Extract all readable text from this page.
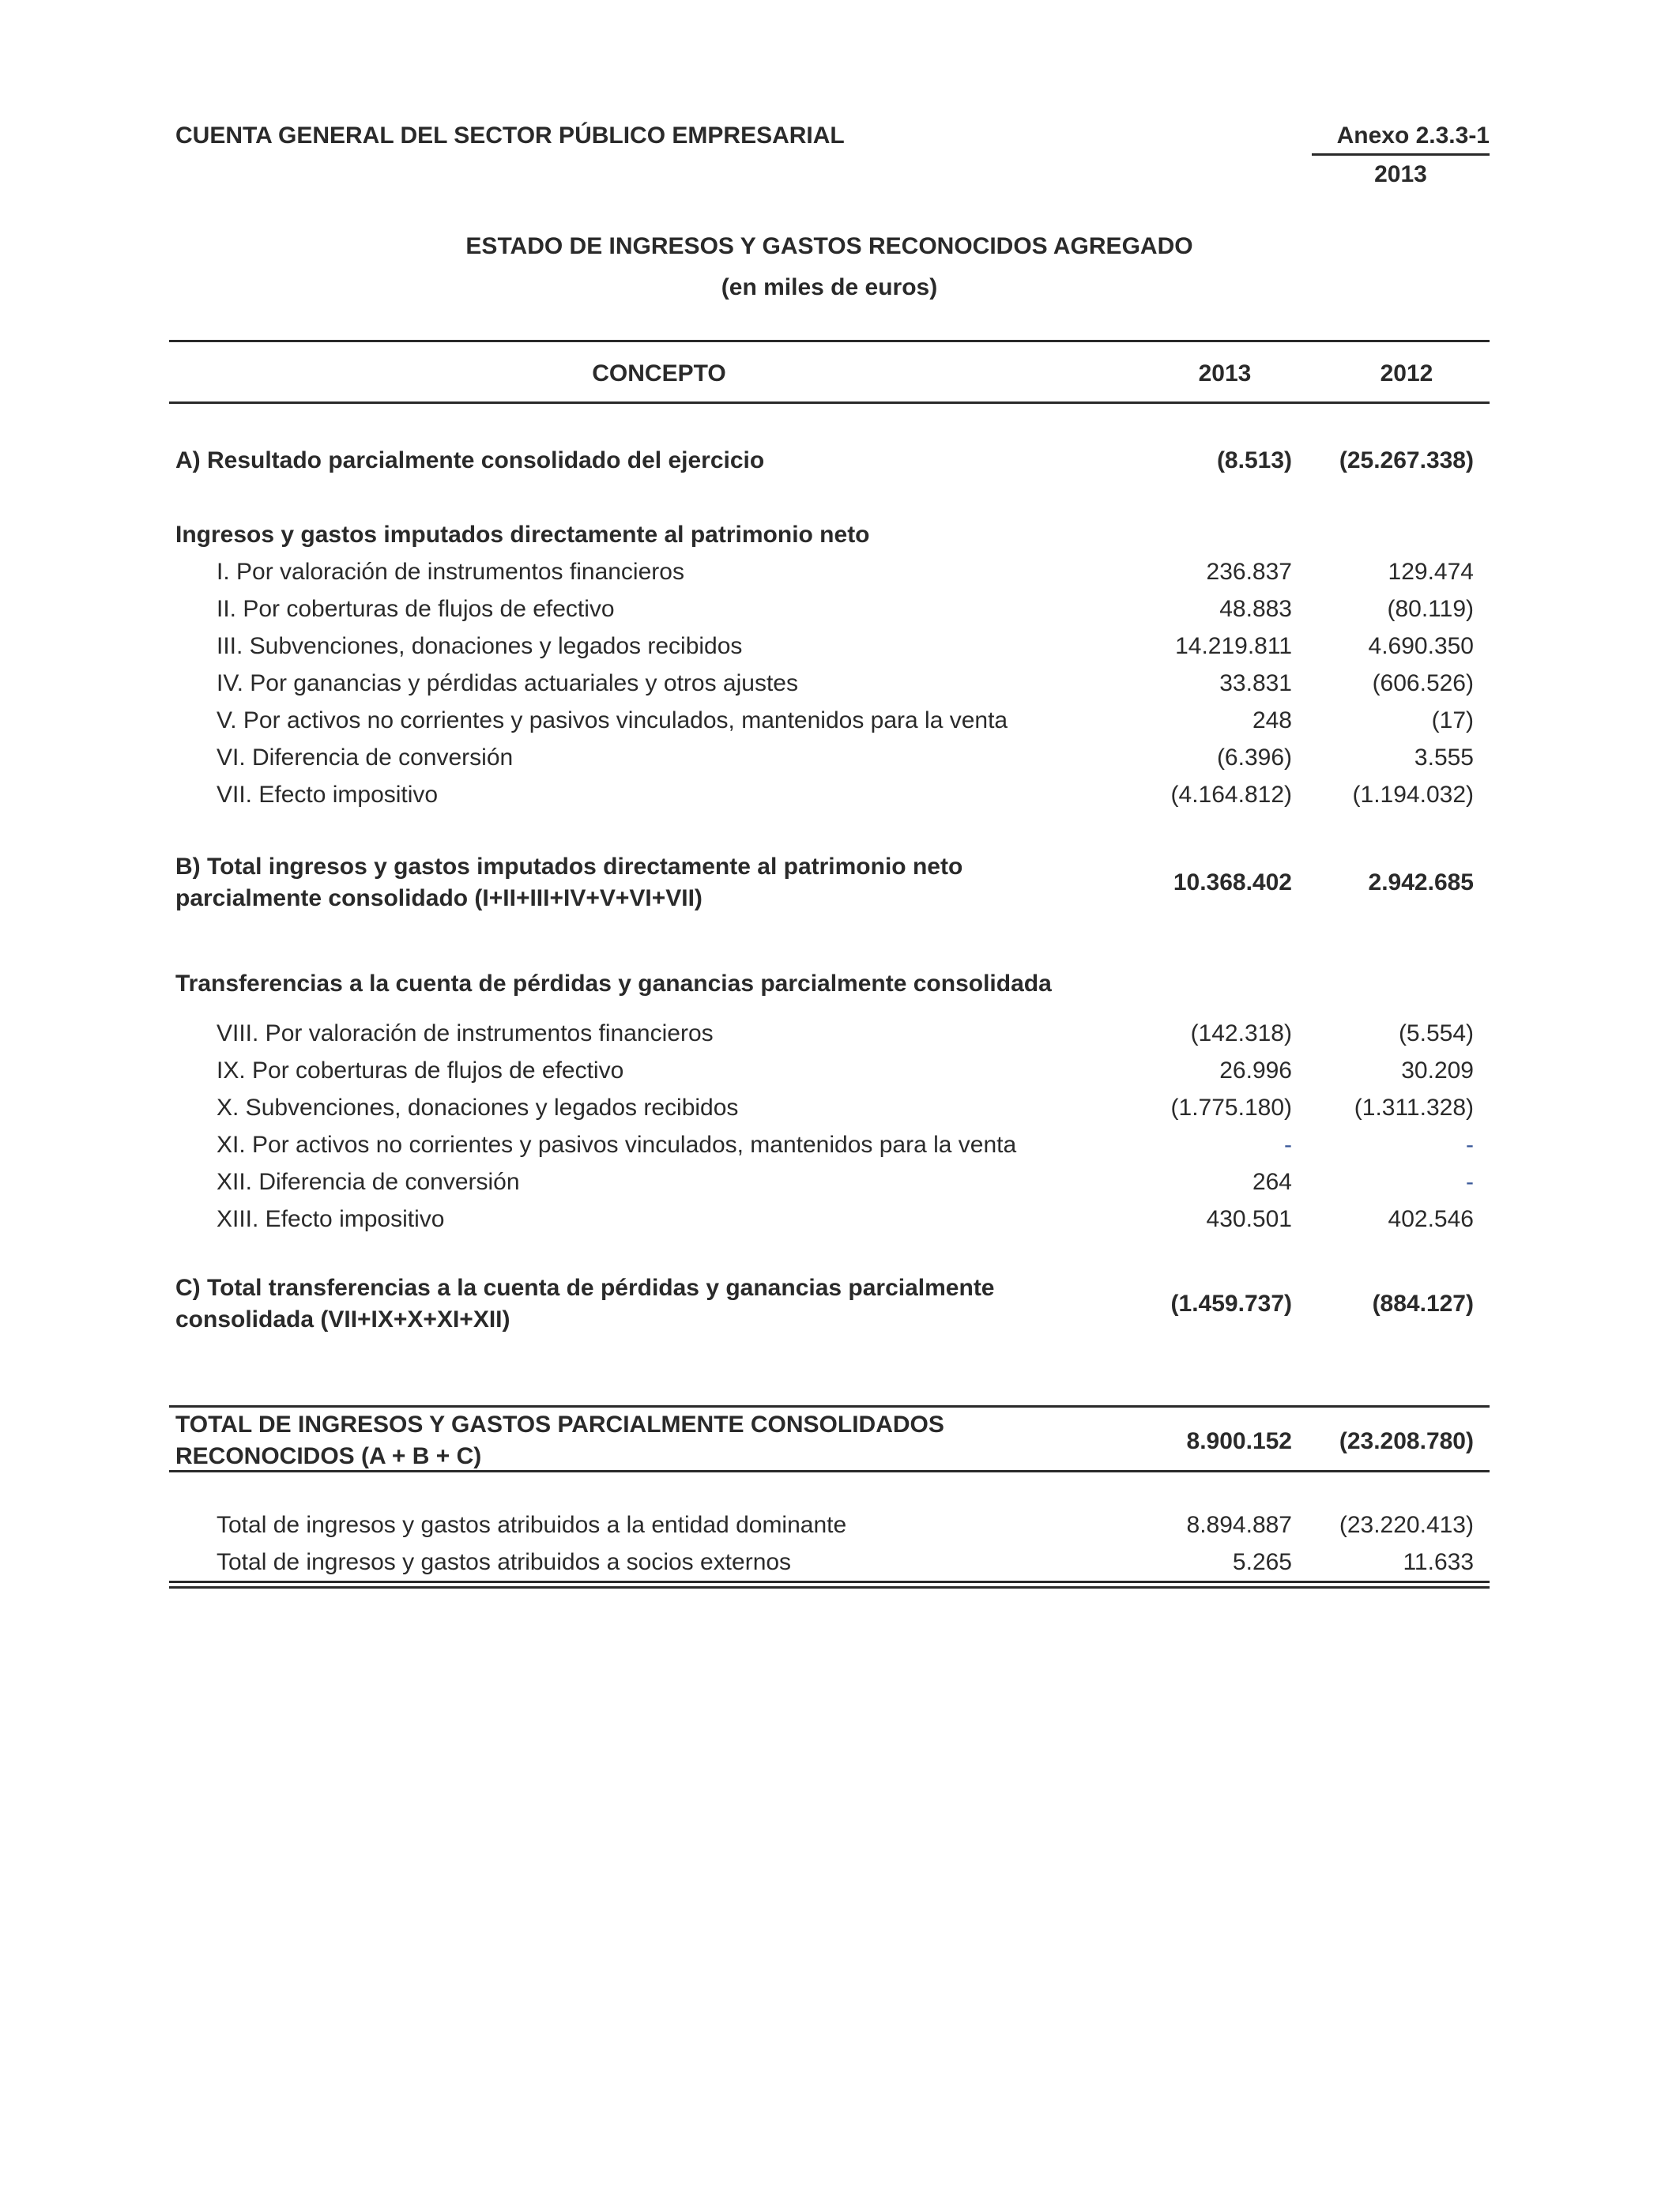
CUENTA GENERAL DEL SECTOR PÚBLICO EMPRESARIAL	Anexo 2.3.3-1
2013
ESTADO DE INGRESOS Y GASTOS RECONOCIDOS AGREGADO
(en miles de euros)
CONCEPTO	2013	2012
A) Resultado parcialmente consolidado del ejercicio	(8.513)	(25.267.338)
Ingresos y gastos imputados directamente al patrimonio neto
I. Por valoración de instrumentos financieros	236.837	129.474
II. Por coberturas de flujos de efectivo	48.883	(80.119)
III. Subvenciones, donaciones y legados recibidos	14.219.811	4.690.350
IV. Por ganancias y pérdidas actuariales y otros ajustes	33.831	(606.526)
V. Por activos no corrientes y pasivos vinculados, mantenidos para la venta	248	(17)
VI. Diferencia de conversión	(6.396)	3.555
VII. Efecto impositivo	(4.164.812)	(1.194.032)
B) Total ingresos y gastos imputados directamente al patrimonio neto
parcialmente consolidado (I+II+III+IV+V+VI+VII)
10.368.402	2.942.685
Transferencias a la cuenta de pérdidas y ganancias parcialmente consolidada
VIII. Por valoración de instrumentos financieros	(142.318)	(5.554)
IX. Por coberturas de flujos de efectivo	26.996	30.209
X. Subvenciones, donaciones y legados recibidos	(1.775.180)	(1.311.328)
XI. Por activos no corrientes y pasivos vinculados, mantenidos para la venta	-	-
XII. Diferencia de conversión	264	-
XIII. Efecto impositivo	430.501	402.546
C) Total transferencias a la cuenta de pérdidas y ganancias parcialmente
consolidada (VII+IX+X+XI+XII)
(1.459.737)	(884.127)
TOTAL DE INGRESOS Y GASTOS PARCIALMENTE CONSOLIDADOS
RECONOCIDOS (A + B + C)
8.900.152	(23.208.780)
Total de ingresos y gastos atribuidos a la entidad dominante	8.894.887	(23.220.413)
Total de ingresos y gastos atribuidos a socios externos	5.265	11.633
